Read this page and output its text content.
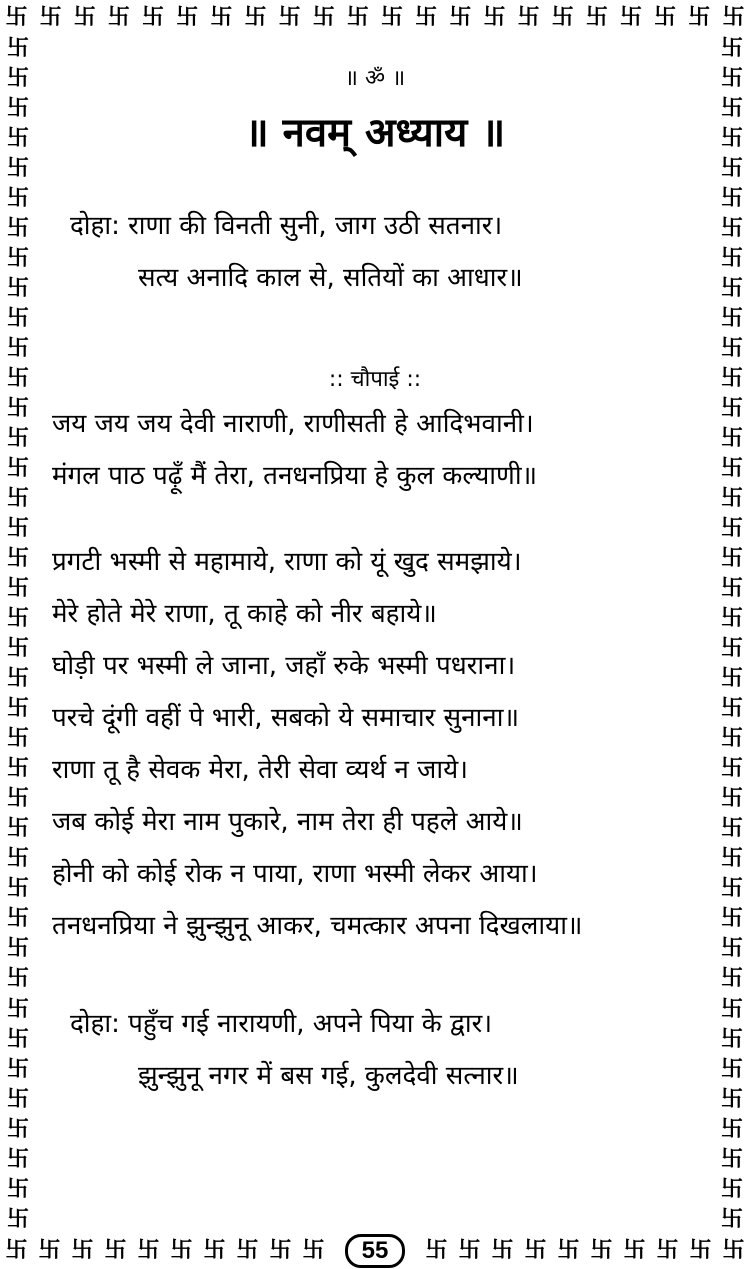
卐 卐 卐 卐 卐 卐 卐 卐 卐 卐 卐 卐 卐 卐 卐 卐 卐 卐 卐 卐 卐 卐
卐
卐
卐
卐
卐
卐
卐
卐
卐
卐
卐
卐
卐
卐
卐
卐
卐
卐
卐
卐
卐
卐
卐
卐
卐
卐
卐
卐
卐
卐
卐
卐
卐
卐
卐
卐
卐
卐
卐
卐
卐
卐
卐
卐
卐
卐
卐
卐
卐
卐
卐
卐
卐
卐
卐
卐
卐
卐
卐
卐
卐
卐
卐
卐
卐
卐
卐
卐
卐
卐
卐
卐
卐
卐
卐
卐
卐
卐
卐
卐
卐 卐 卐 卐 卐 卐 卐 卐 卐 卐	55	卐 卐 卐 卐 卐 卐 卐 卐 卐 卐
॥ ॐ ॥
॥ नवम् अध्याय ॥
दोहा: राणा की विनती सुनी, जाग उठी सतनार।
सत्य अनादि काल से, सतियों का आधार॥
:: चौपाई ::
जय जय जय देवी नाराणी, राणीसती हे आदिभवानी।
मंगल पाठ पढ़ूँ मैं तेरा, तनधनप्रिया हे कुल कल्याणी॥
प्रगटी भस्मी से महामाये, राणा को यूं खुद समझाये।
मेरे होते मेरे राणा, तू काहे को नीर बहाये॥
घोड़ी पर भस्मी ले जाना, जहाँ रुके भस्मी पधराना।
परचे दूंगी वहीं पे भारी, सबको ये समाचार सुनाना॥
राणा तू है सेवक मेरा, तेरी सेवा व्यर्थ न जाये।
जब कोई मेरा नाम पुकारे, नाम तेरा ही पहले आये॥
होनी को कोई रोक न पाया, राणा भस्मी लेकर आया।
तनधनप्रिया ने झुन्झुनू आकर, चमत्कार अपना दिखलाया॥
दोहा: पहुँच गई नारायणी, अपने पिया के द्वार।
झुन्झुनू नगर में बस गई, कुलदेवी सत्नार॥
